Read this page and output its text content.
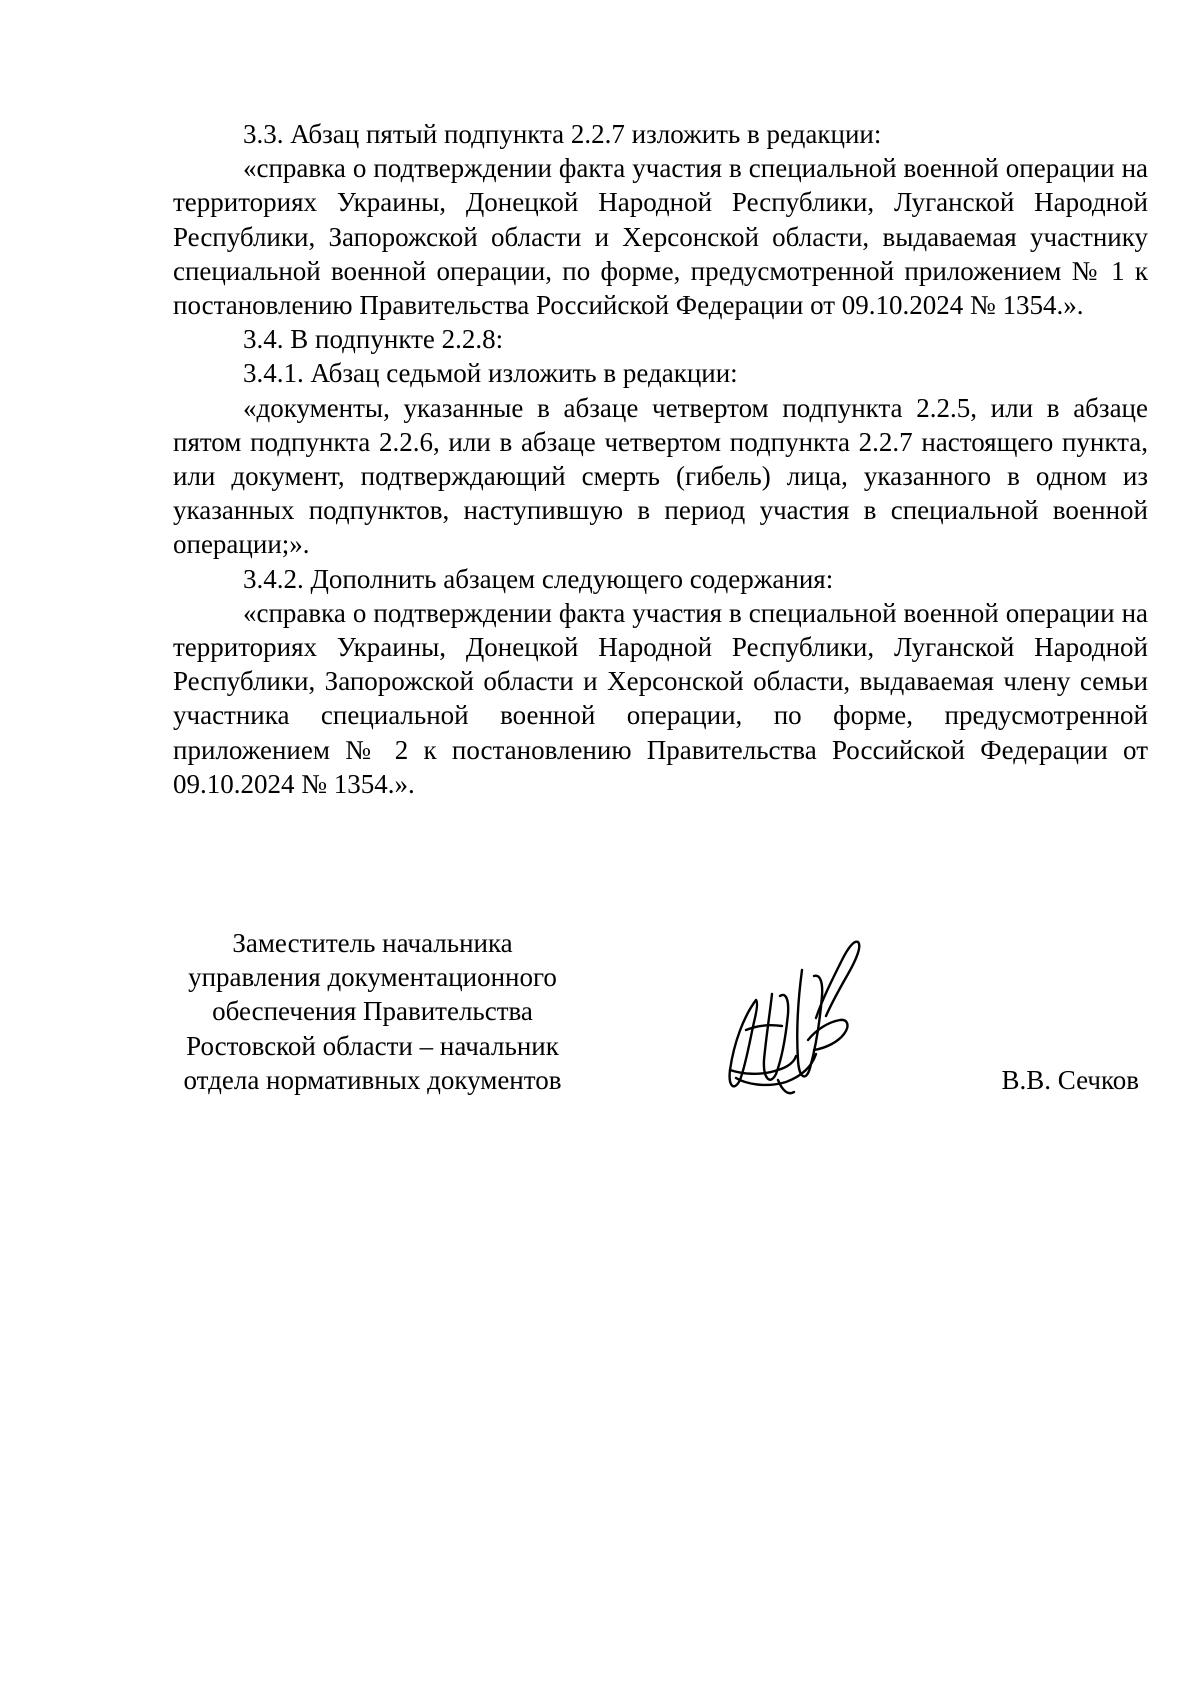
3.3. Абзац пятый подпункта 2.2.7 изложить в редакции:

«справка о подтверждении факта участия в специальной военной операции на территориях Украины, Донецкой Народной Республики, Луганской Народной Республики, Запорожской области и Херсонской области, выдаваемая участнику специальной военной операции, по форме, предусмотренной приложением № 1 к постановлению Правительства Российской Федерации от 09.10.2024 № 1354.».

3.4. В подпункте 2.2.8:

3.4.1. Абзац седьмой изложить в редакции:

«документы, указанные в абзаце четвертом подпункта 2.2.5, или в абзаце пятом подпункта 2.2.6, или в абзаце четвертом подпункта 2.2.7 настоящего пункта, или документ, подтверждающий смерть (гибель) лица, указанного в одном из указанных подпунктов, наступившую в период участия в специальной военной операции;».

3.4.2. Дополнить абзацем следующего содержания:

«справка о подтверждении факта участия в специальной военной операции на территориях Украины, Донецкой Народной Республики, Луганской Народной Республики, Запорожской области и Херсонской области, выдаваемая члену семьи участника специальной военной операции, по форме, предусмотренной приложением № 2 к постановлению Правительства Российской Федерации от 09.10.2024 № 1354.».

Заместитель начальника
управления документационного
обеспечения Правительства
Ростовской области – начальник
отдела нормативных документов	В.В. Сечков
